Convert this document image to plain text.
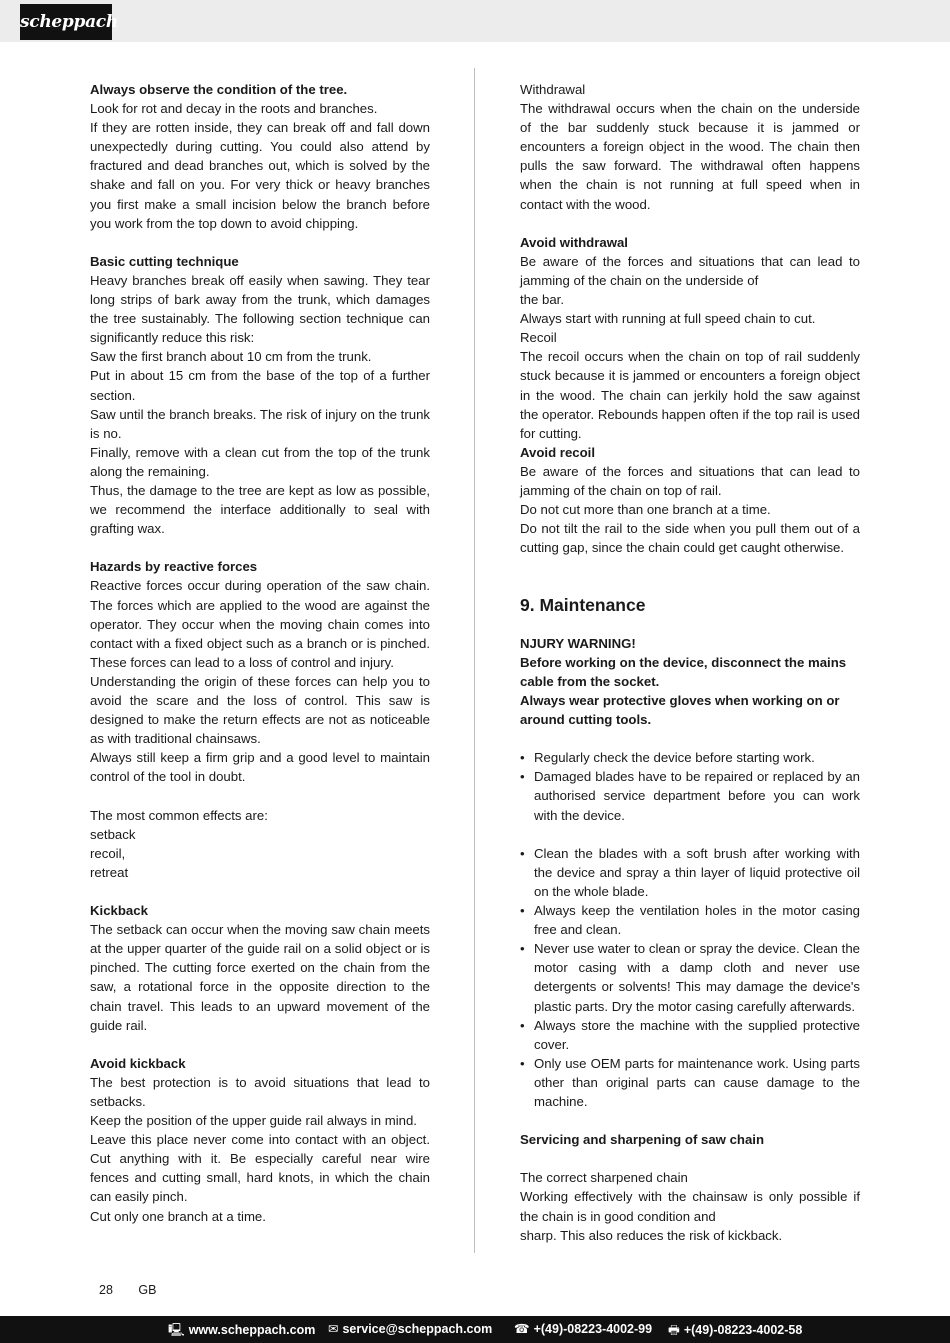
scheppach

Always observe the condition of the tree.

Look for rot and decay in the roots and branches.

If they are rotten inside, they can break off and fall down unexpectedly during cutting. You could also attend by fractured and dead branches out, which is solved by the shake and fall on you. For very thick or heavy branches you first make a small incision below the branch before you work from the top down to avoid chipping.

Basic cutting technique

Heavy branches break off easily when sawing. They tear long strips of bark away from the trunk, which damages the tree sustainably. The following section technique can significantly reduce this risk:

Saw the first branch about 10 cm from the trunk.

Put in about 15 cm from the base of the top of a further section.

Saw until the branch breaks. The risk of injury on the trunk is no.

Finally, remove with a clean cut from the top of the trunk along the remaining.

Thus, the damage to the tree are kept as low as possible, we recommend the interface additionally to seal with grafting wax.

Hazards by reactive forces

Reactive forces occur during operation of the saw chain. The forces which are applied to the wood are against the operator. They occur when the moving chain comes into contact with a fixed object such as a branch or is pinched. These forces can lead to a loss of control and injury.

Understanding the origin of these forces can help you to avoid the scare and the loss of control. This saw is designed to make the return effects are not as noticeable as with traditional chainsaws.

Always still keep a firm grip and a good level to maintain control of the tool in doubt.

The most common effects are:

setback

recoil,

retreat

Kickback

The setback can occur when the moving saw chain meets at the upper quarter of the guide rail on a solid object or is pinched. The cutting force exerted on the chain from the saw, a rotational force in the opposite direction to the chain travel. This leads to an upward movement of the guide rail.

Avoid kickback

The best protection is to avoid situations that lead to setbacks.

Keep the position of the upper guide rail always in mind.

Leave this place never come into contact with an object. Cut anything with it. Be especially careful near wire fences and cutting small, hard knots, in which the chain can easily pinch.

Cut only one branch at a time.

Withdrawal

The withdrawal occurs when the chain on the underside of the bar suddenly stuck because it is jammed or encounters a foreign object in the wood. The chain then pulls the saw forward. The withdrawal often happens when the chain is not running at full speed when in contact with the wood.

Avoid withdrawal

Be aware of the forces and situations that can lead to jamming of the chain on the underside of

the bar.

Always start with running at full speed chain to cut.

Recoil

The recoil occurs when the chain on top of rail suddenly stuck because it is jammed or encounters a foreign object in the wood. The chain can jerkily hold the saw against the operator. Rebounds happen often if the top rail is used for cutting.

Avoid recoil

Be aware of the forces and situations that can lead to jamming of the chain on top of rail.

Do not cut more than one branch at a time.

Do not tilt the rail to the side when you pull them out of a cutting gap, since the chain could get caught otherwise.

9. Maintenance

NJURY WARNING!

Before working on the device, disconnect the mains cable from the socket.

Always wear protective gloves when working on or around cutting tools.

• Regularly check the device before starting work.
• Damaged blades have to be repaired or replaced by an authorised service department before you can work with the device.
• Clean the blades with a soft brush after working with the device and spray a thin layer of liquid protective oil on the whole blade.
• Always keep the ventilation holes in the motor casing free and clean.
• Never use water to clean or spray the device. Clean the motor casing with a damp cloth and never use detergents or solvents! This may damage the device's plastic parts. Dry the motor casing carefully afterwards.
• Always store the machine with the supplied protective cover.
• Only use OEM parts for maintenance work. Using parts other than original parts can cause damage to the machine.

Servicing and sharpening of saw chain

The correct sharpened chain

Working effectively with the chainsaw is only possible if the chain is in good condition and

sharp. This also reduces the risk of kickback.

28 GB
🖳 www.scheppach.com ✉ service@scheppach.com ☎ +(49)-08223-4002-99 🖶 +(49)-08223-4002-58
